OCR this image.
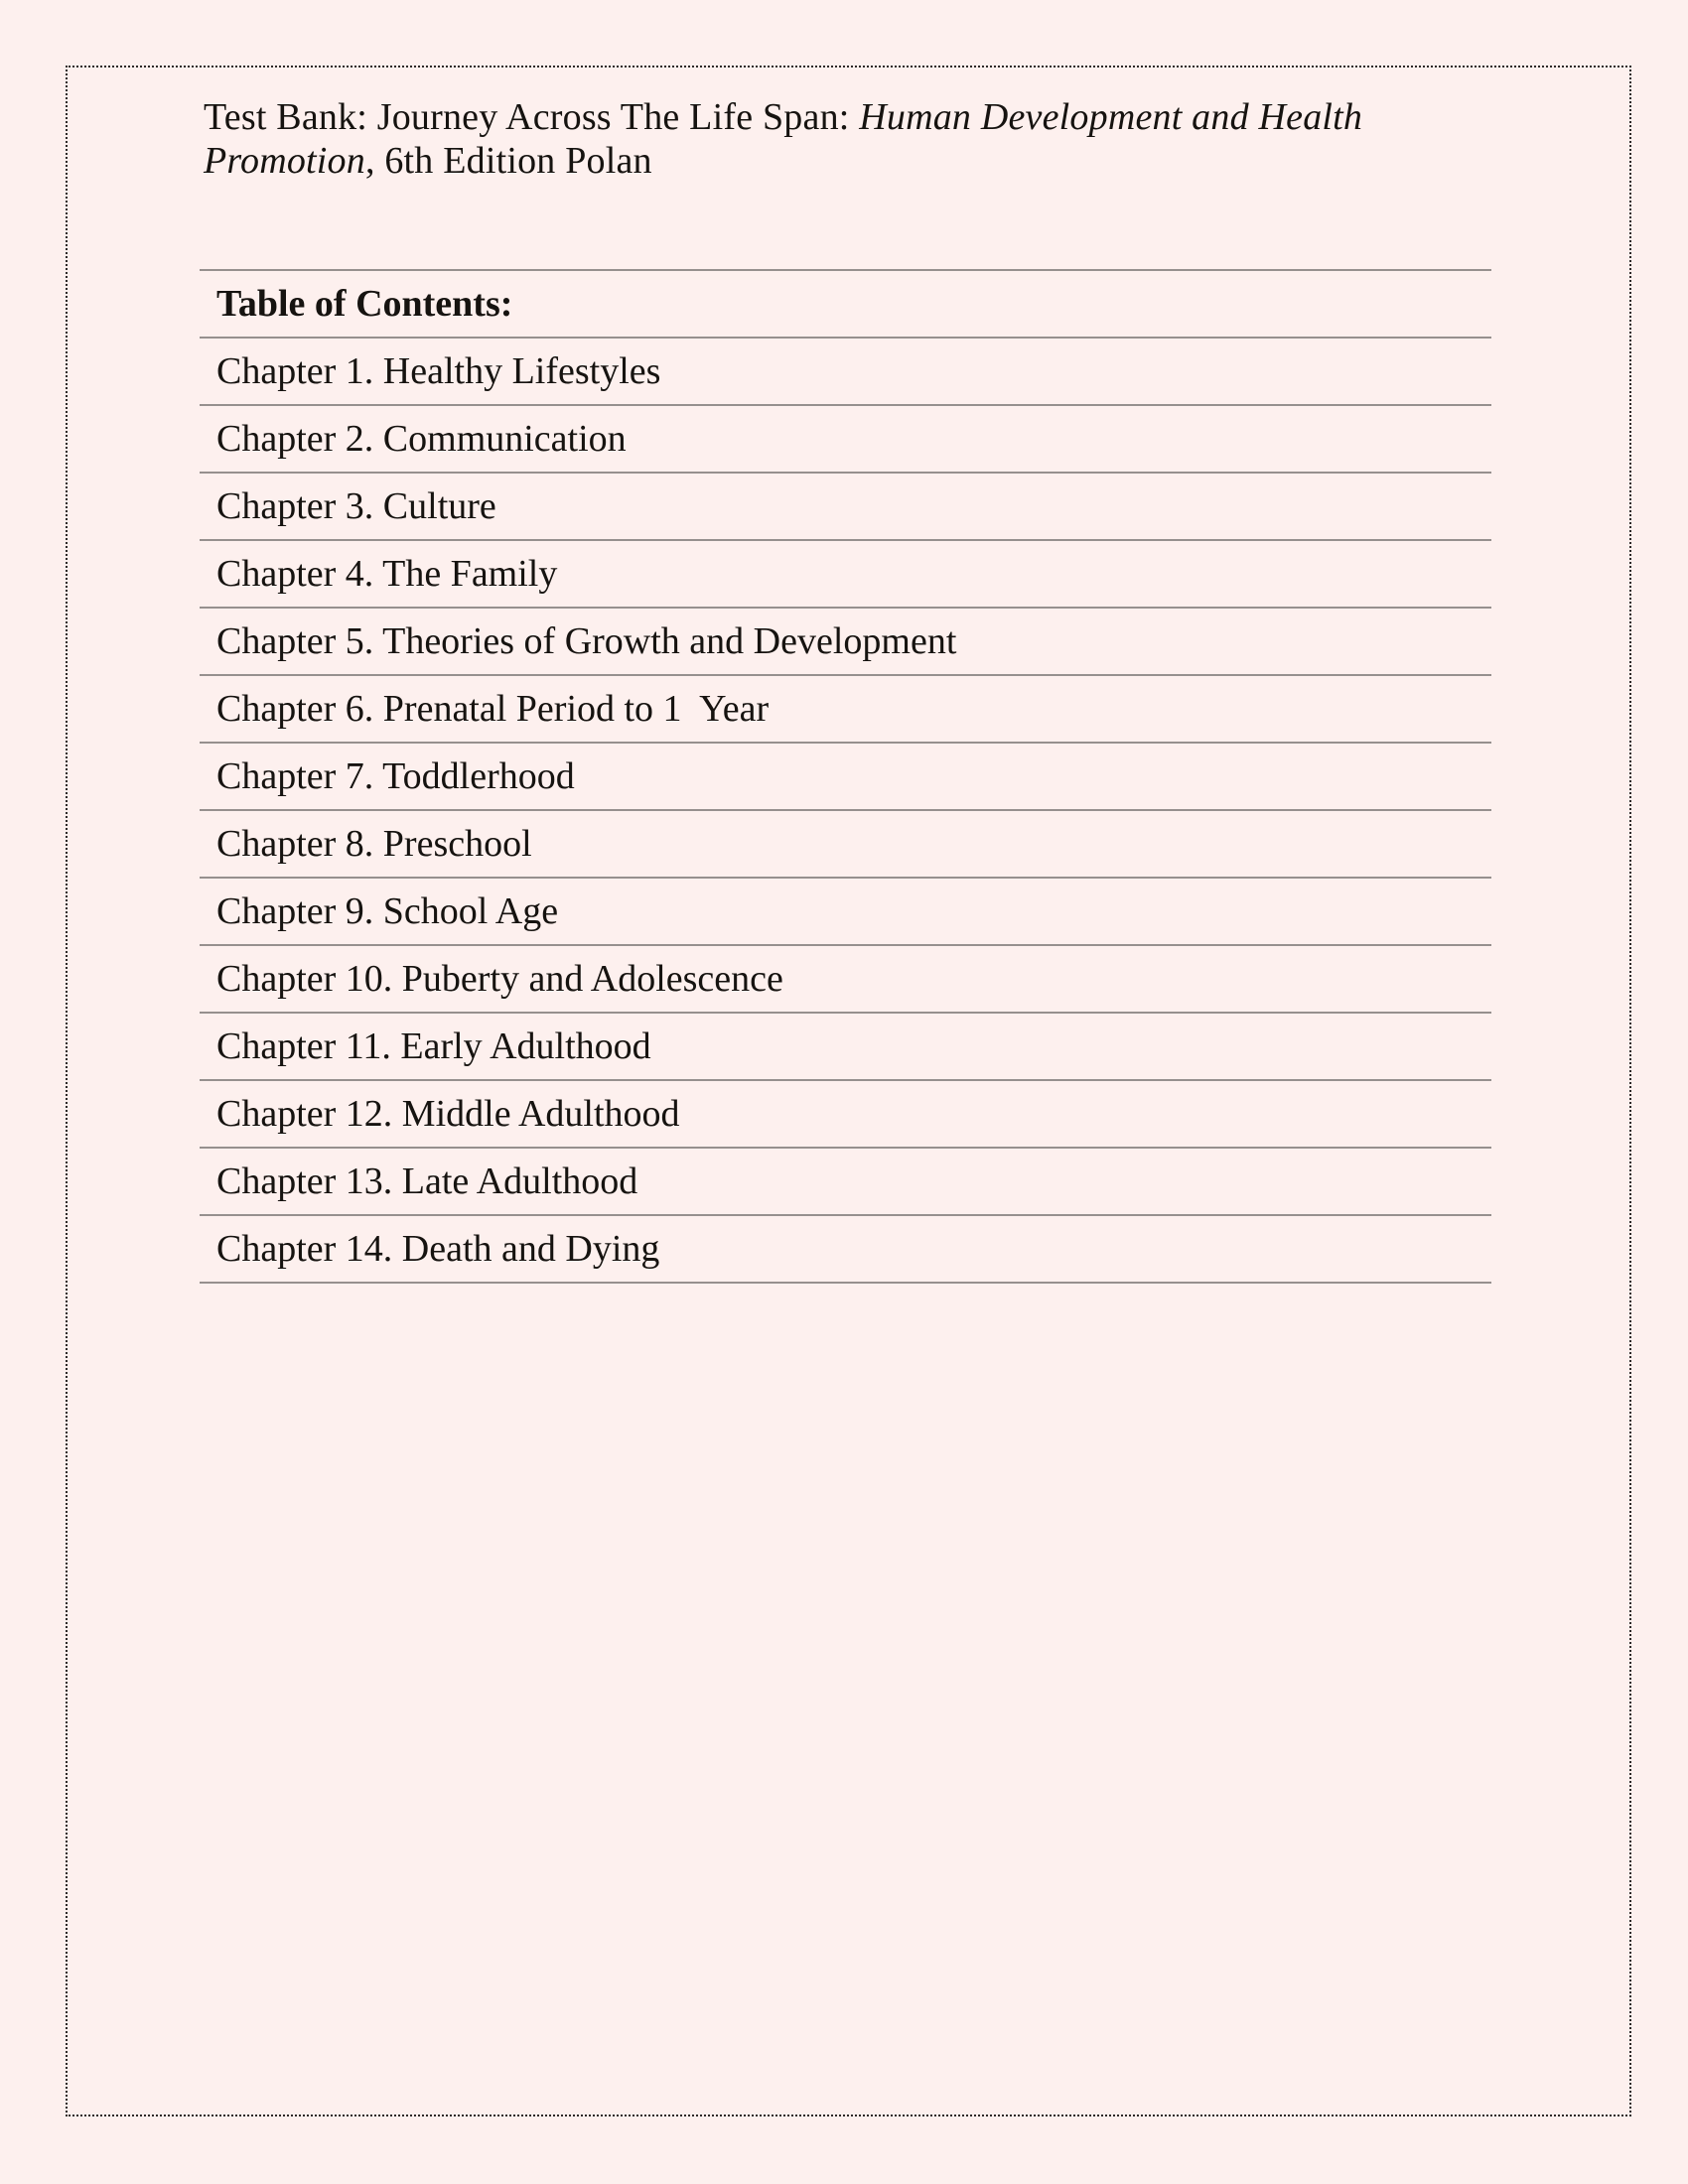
Test Bank: Journey Across The Life Span: Human Development and Health
Promotion, 6th Edition Polan
Table of Contents:
Chapter 1. Healthy Lifestyles
Chapter 2. Communication
Chapter 3. Culture
Chapter 4. The Family
Chapter 5. Theories of Growth and Development
Chapter 6. Prenatal Period to 1  Year
Chapter 7. Toddlerhood
Chapter 8. Preschool
Chapter 9. School Age
Chapter 10. Puberty and Adolescence
Chapter 11. Early Adulthood
Chapter 12. Middle Adulthood
Chapter 13. Late Adulthood
Chapter 14. Death and Dying
